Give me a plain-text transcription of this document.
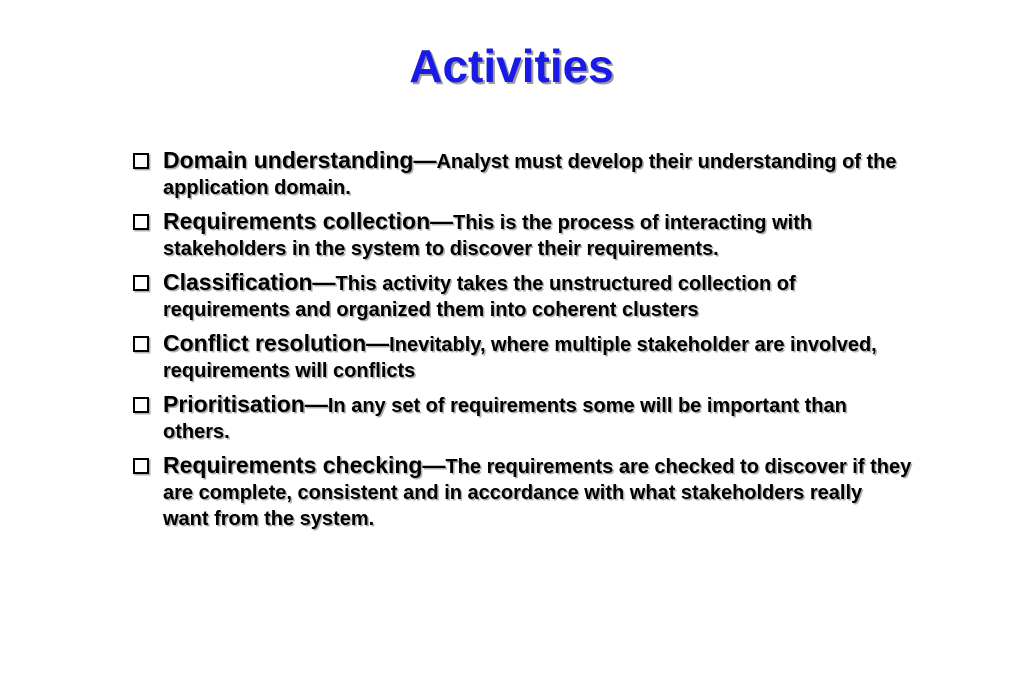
Activities
Domain understanding—Analyst must develop their understanding of the application domain.
Requirements collection—This is the process of interacting with stakeholders in the system to discover their requirements.
Classification—This activity takes the unstructured collection of requirements and organized them into coherent clusters
Conflict resolution—Inevitably, where multiple stakeholder are involved, requirements will conflicts
Prioritisation—In any set of requirements some will be important than others.
Requirements checking—The requirements are checked to discover if they are complete, consistent and in accordance with what stakeholders really want from the system.
